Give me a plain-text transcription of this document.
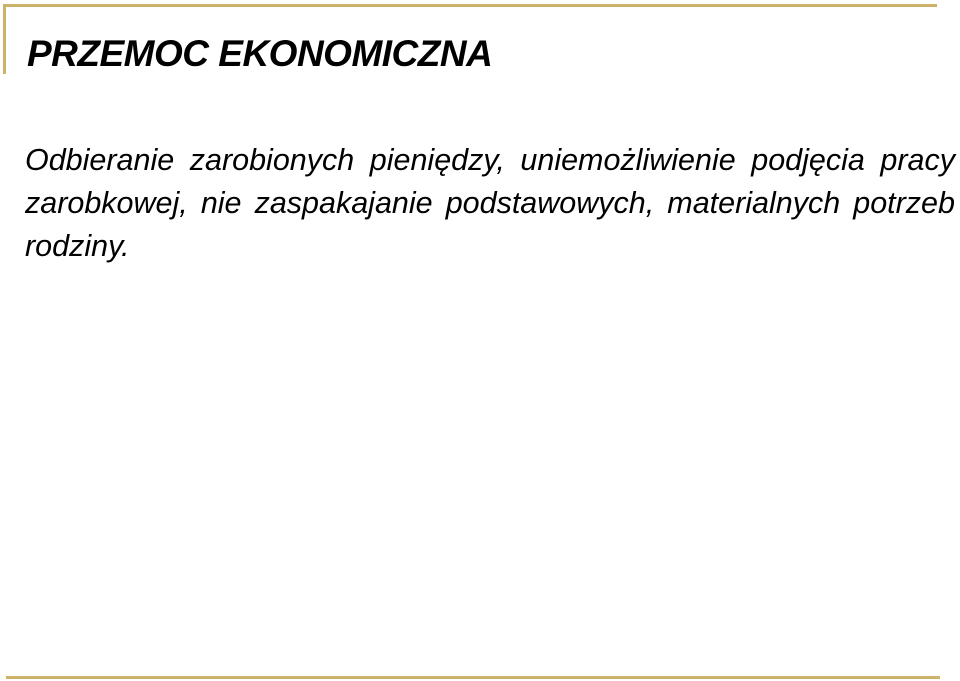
PRZEMOC EKONOMICZNA

Odbieranie zarobionych pieniędzy, uniemożliwienie podjęcia pracy zarobkowej, nie zaspakajanie podstawowych, materialnych potrzeb rodziny.
